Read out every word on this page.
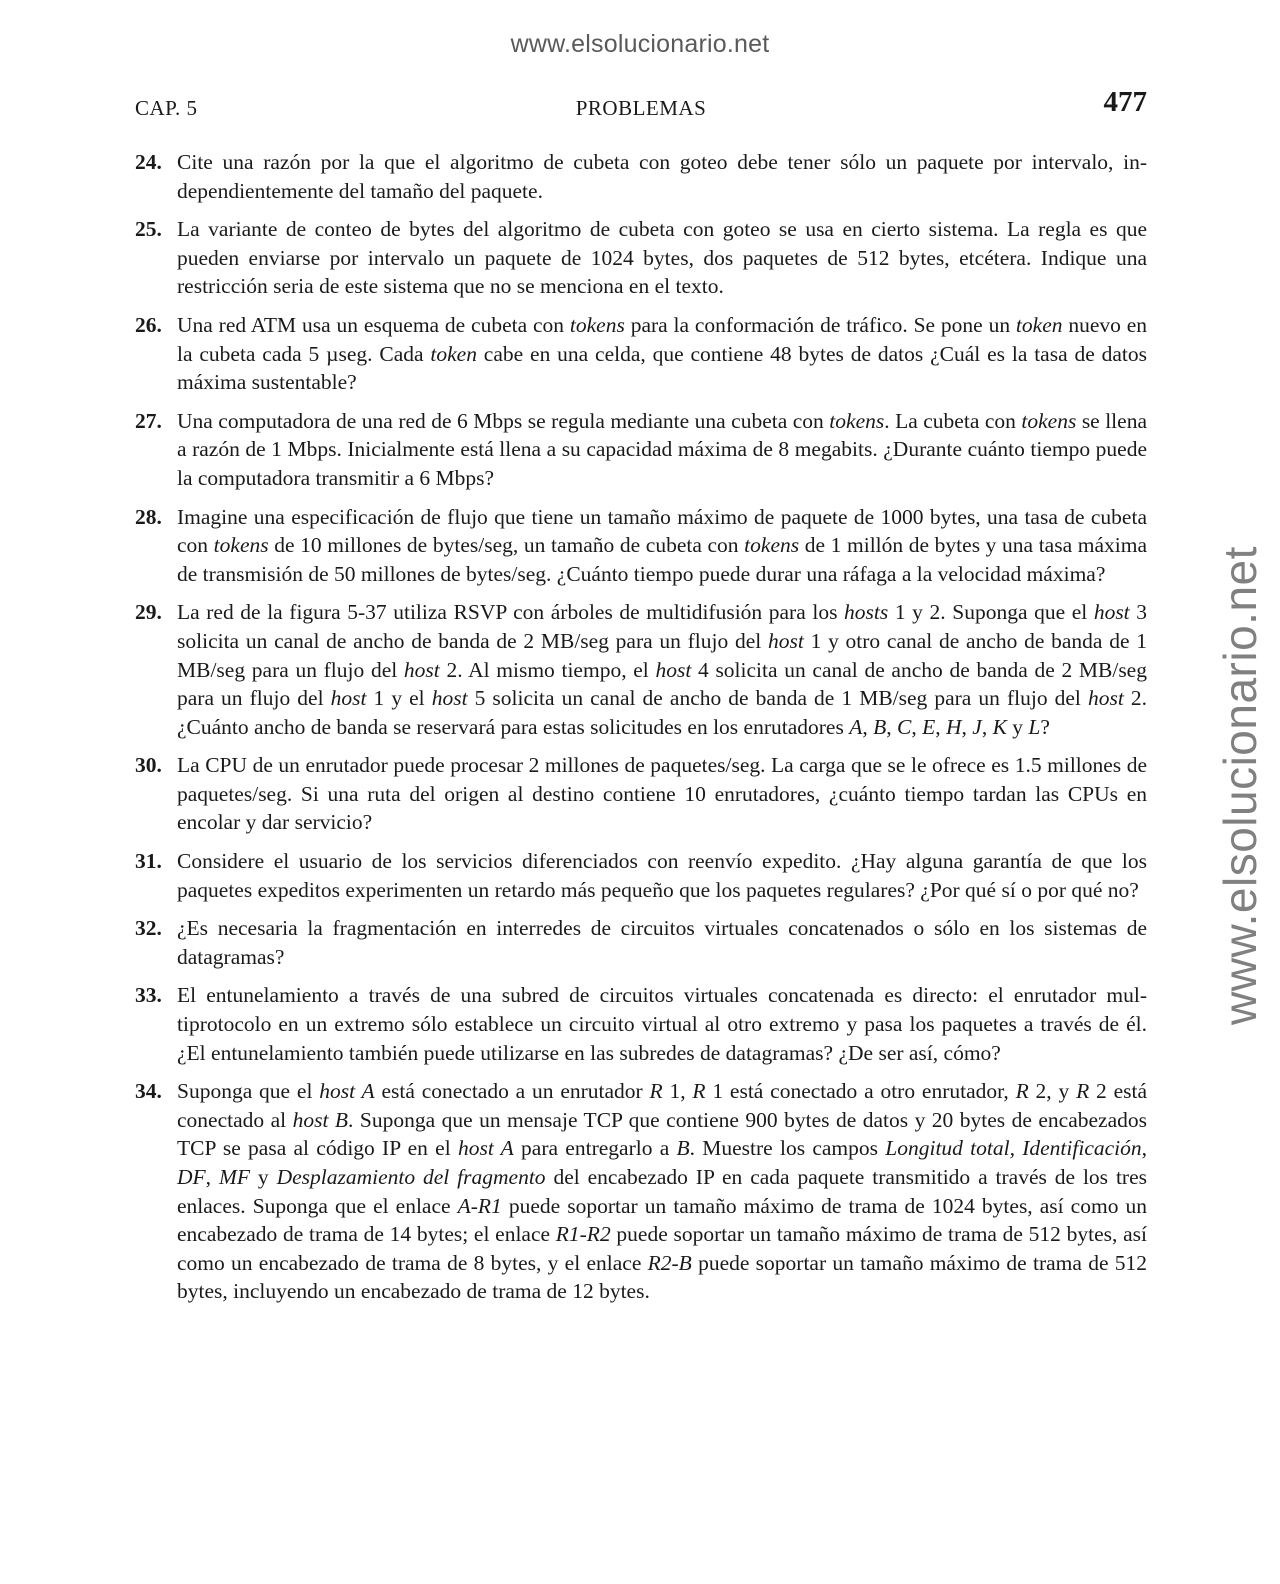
www.elsolucionario.net
www.elsolucionario.net
CAP. 5	PROBLEMAS	477
24. Cite una razón por la que el algoritmo de cubeta con goteo debe tener sólo un paquete por intervalo, independientemente del tamaño del paquete.
25. La variante de conteo de bytes del algoritmo de cubeta con goteo se usa en cierto sistema. La regla es que pueden enviarse por intervalo un paquete de 1024 bytes, dos paquetes de 512 bytes, etcétera. Indique una restricción seria de este sistema que no se menciona en el texto.
26. Una red ATM usa un esquema de cubeta con tokens para la conformación de tráfico. Se pone un token nuevo en la cubeta cada 5 µseg. Cada token cabe en una celda, que contiene 48 bytes de datos ¿Cuál es la tasa de datos máxima sustentable?
27. Una computadora de una red de 6 Mbps se regula mediante una cubeta con tokens. La cubeta con tokens se llena a razón de 1 Mbps. Inicialmente está llena a su capacidad máxima de 8 megabits. ¿Durante cuánto tiempo puede la computadora transmitir a 6 Mbps?
28. Imagine una especificación de flujo que tiene un tamaño máximo de paquete de 1000 bytes, una tasa de cubeta con tokens de 10 millones de bytes/seg, un tamaño de cubeta con tokens de 1 millón de bytes y una tasa máxima de transmisión de 50 millones de bytes/seg. ¿Cuánto tiempo puede durar una ráfaga a la velocidad máxima?
29. La red de la figura 5-37 utiliza RSVP con árboles de multidifusión para los hosts 1 y 2. Suponga que el host 3 solicita un canal de ancho de banda de 2 MB/seg para un flujo del host 1 y otro canal de ancho de banda de 1 MB/seg para un flujo del host 2. Al mismo tiempo, el host 4 solicita un canal de ancho de banda de 2 MB/seg para un flujo del host 1 y el host 5 solicita un canal de ancho de banda de 1 MB/seg para un flujo del host 2. ¿Cuánto ancho de banda se reservará para estas solicitudes en los enrutadores A, B, C, E, H, J, K y L?
30. La CPU de un enrutador puede procesar 2 millones de paquetes/seg. La carga que se le ofrece es 1.5 millones de paquetes/seg. Si una ruta del origen al destino contiene 10 enrutadores, ¿cuánto tiempo tardan las CPUs en encolar y dar servicio?
31. Considere el usuario de los servicios diferenciados con reenvío expedito. ¿Hay alguna garantía de que los paquetes expeditos experimenten un retardo más pequeño que los paquetes regulares? ¿Por qué sí o por qué no?
32. ¿Es necesaria la fragmentación en interredes de circuitos virtuales concatenados o sólo en los sistemas de datagramas?
33. El entunelamiento a través de una subred de circuitos virtuales concatenada es directo: el enrutador multiprotocolo en un extremo sólo establece un circuito virtual al otro extremo y pasa los paquetes a través de él. ¿El entunelamiento también puede utilizarse en las subredes de datagramas? ¿De ser así, cómo?
34. Suponga que el host A está conectado a un enrutador R 1, R 1 está conectado a otro enrutador, R 2, y R 2 está conectado al host B. Suponga que un mensaje TCP que contiene 900 bytes de datos y 20 bytes de encabezados TCP se pasa al código IP en el host A para entregarlo a B. Muestre los campos Longitud total, Identificación, DF, MF y Desplazamiento del fragmento del encabezado IP en cada paquete transmitido a través de los tres enlaces. Suponga que el enlace A-R1 puede soportar un tamaño máximo de trama de 1024 bytes, así como un encabezado de trama de 14 bytes; el enlace R1-R2 puede soportar un tamaño máximo de trama de 512 bytes, así como un encabezado de trama de 8 bytes, y el enlace R2-B puede soportar un tamaño máximo de trama de 512 bytes, incluyendo un encabezado de trama de 12 bytes.
